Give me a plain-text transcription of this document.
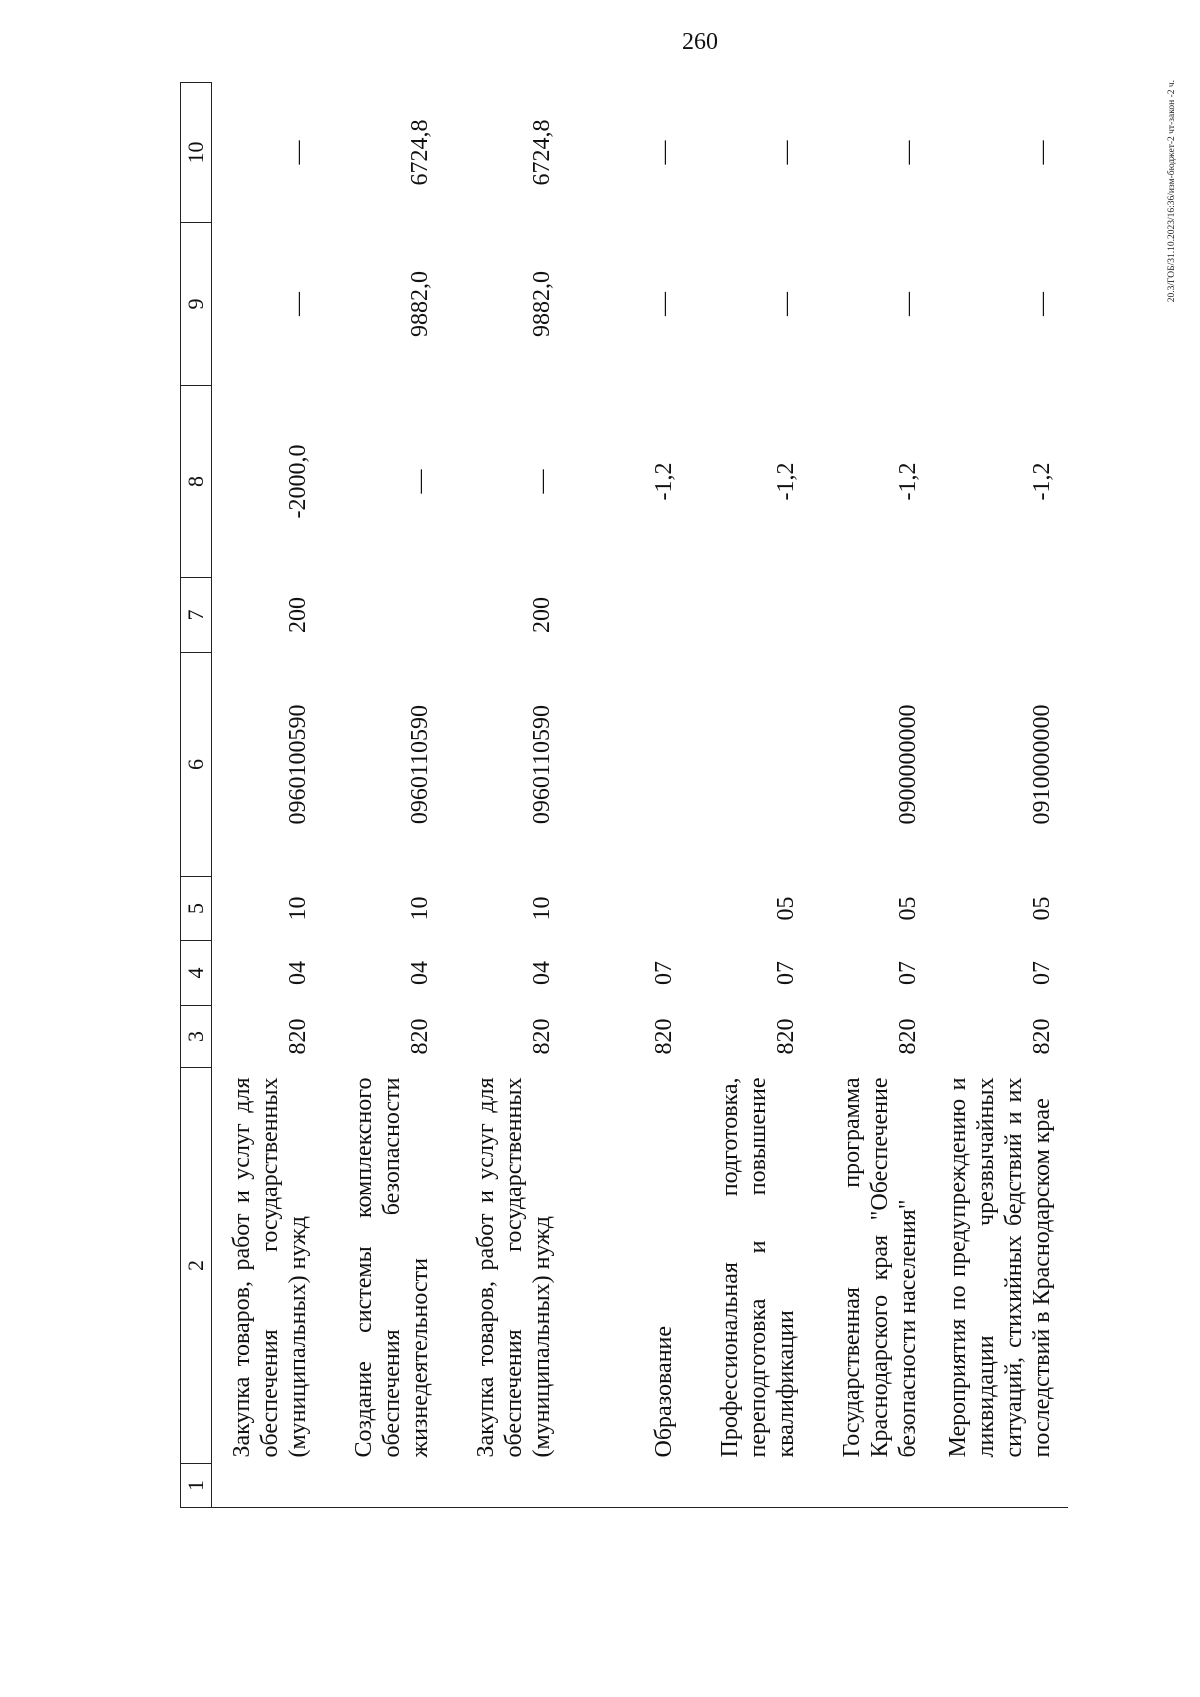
260
1	2	3	4	5	6	7	8	9	10
	Закупка товаров, работ и услуг для обеспечения государственных (муниципальных) нужд	820	04	10	0960100590	200	-2000,0	—	—
	Создание системы комплексного обеспечения безопасности жизнедеятельности	820	04	10	0960110590		—	9882,0	6724,8
	Закупка товаров, работ и услуг для обеспечения государственных (муниципальных) нужд	820	04	10	0960110590	200	—	9882,0	6724,8
	Образование	820	07				-1,2	—	—
	Профессиональная подготовка, переподготовка и повышение квалификации	820	07	05			-1,2	—	—
	Государственная программа Краснодарского края "Обеспечение безопасности населения"	820	07	05	0900000000		-1,2	—	—
	Мероприятия по предупреждению и ликвидации чрезвычайных ситуаций, стихийных бедствий и их последствий в Краснодарском крае	820	07	05	0910000000		-1,2	—	—	20.3/ГОБ/31.10.2023/16:36/изм-бюджет-2 чт-закон -2 ч.
